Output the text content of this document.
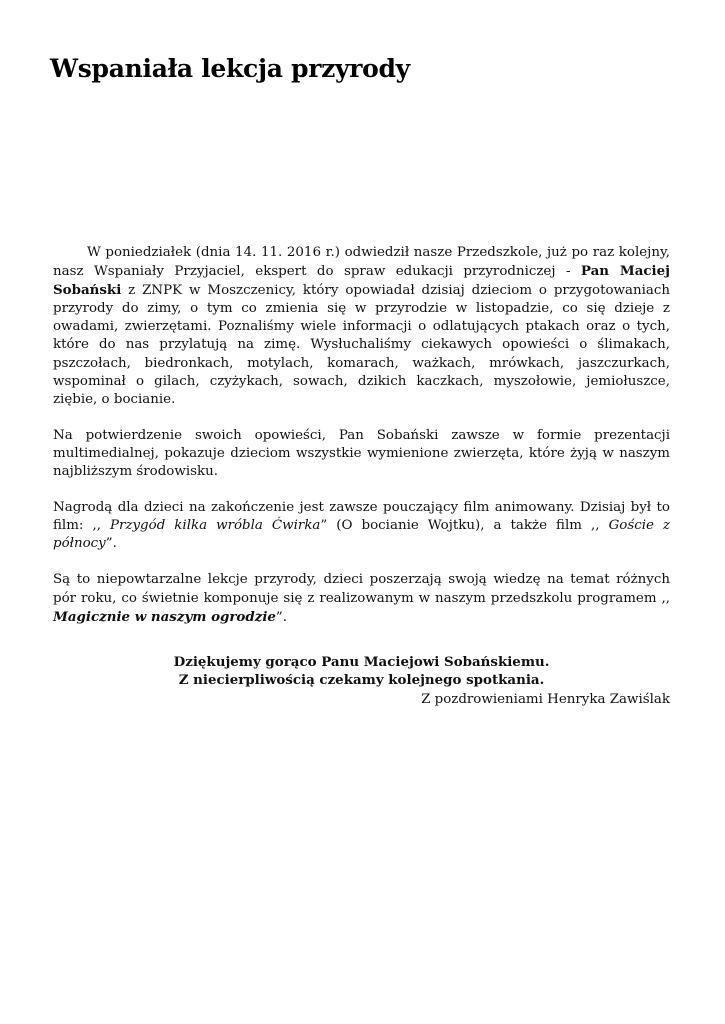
Wspaniała lekcja przyrody

W poniedziałek (dnia 14. 11. 2016 r.) odwiedził nasze Przedszkole, już po raz kolejny, nasz Wspaniały Przyjaciel, ekspert do spraw edukacji przyrodniczej - Pan Maciej Sobański z ZNPK w Moszczenicy, który opowiadał dzisiaj dzieciom o przygotowaniach przyrody do zimy, o tym co zmienia się w przyrodzie w listopadzie, co się dzieje z owadami, zwierzętami. Poznaliśmy wiele informacji o odlatujących ptakach oraz o tych, które do nas przylatują na zimę. Wysłuchaliśmy ciekawych opowieści o ślimakach, pszczołach, biedronkach, motylach, komarach, ważkach, mrówkach, jaszczurkach, wspominał o gilach, czyżykach, sowach, dzikich kaczkach, myszołowie, jemiołuszce, ziębie, o bocianie.

Na potwierdzenie swoich opowieści, Pan Sobański zawsze w formie prezentacji multimedialnej, pokazuje dzieciom wszystkie wymienione zwierzęta, które żyją w naszym najbliższym środowisku.

Nagrodą dla dzieci na zakończenie jest zawsze pouczający film animowany. Dzisiaj był to film: ,, Przygód kilka wróbla Ćwirka” (O bocianie Wojtku), a także film ,, Goście z północy”.

Są to niepowtarzalne lekcje przyrody, dzieci poszerzają swoją wiedzę na temat różnych pór roku, co świetnie komponuje się z realizowanym w naszym przedszkolu programem ,, Magicznie w naszym ogrodzie”.

Dziękujemy gorąco Panu Maciejowi Sobańskiemu.
Z niecierpliwością czekamy kolejnego spotkania.

Z pozdrowieniami Henryka Zawiślak
